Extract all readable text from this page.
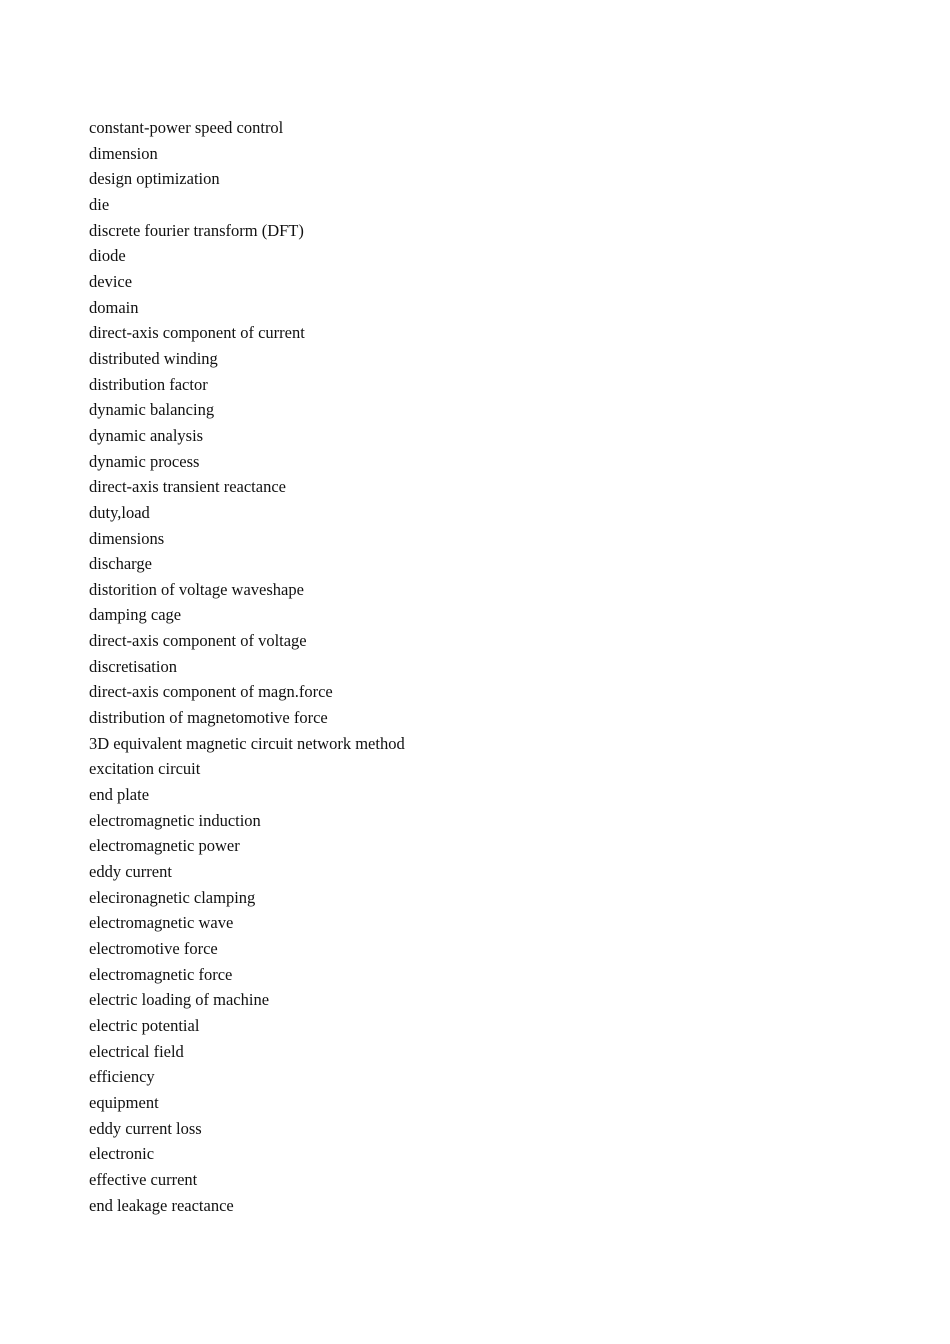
constant-power speed control
dimension
design optimization
die
discrete fourier transform (DFT)
diode
device
domain
direct-axis component of current
distributed winding
distribution factor
dynamic balancing
dynamic analysis
dynamic process
direct-axis transient reactance
duty,load
dimensions
discharge
distorition of voltage waveshape
damping cage
direct-axis component of voltage
discretisation
direct-axis component of magn.force
distribution of magnetomotive force
3D equivalent magnetic circuit network method
excitation circuit
end plate
electromagnetic induction
electromagnetic power
eddy current
elecironagnetic clamping
electromagnetic wave
electromotive force
electromagnetic force
electric loading of machine
electric potential
electrical field
efficiency
equipment
eddy current loss
electronic
effective current
end leakage reactance
